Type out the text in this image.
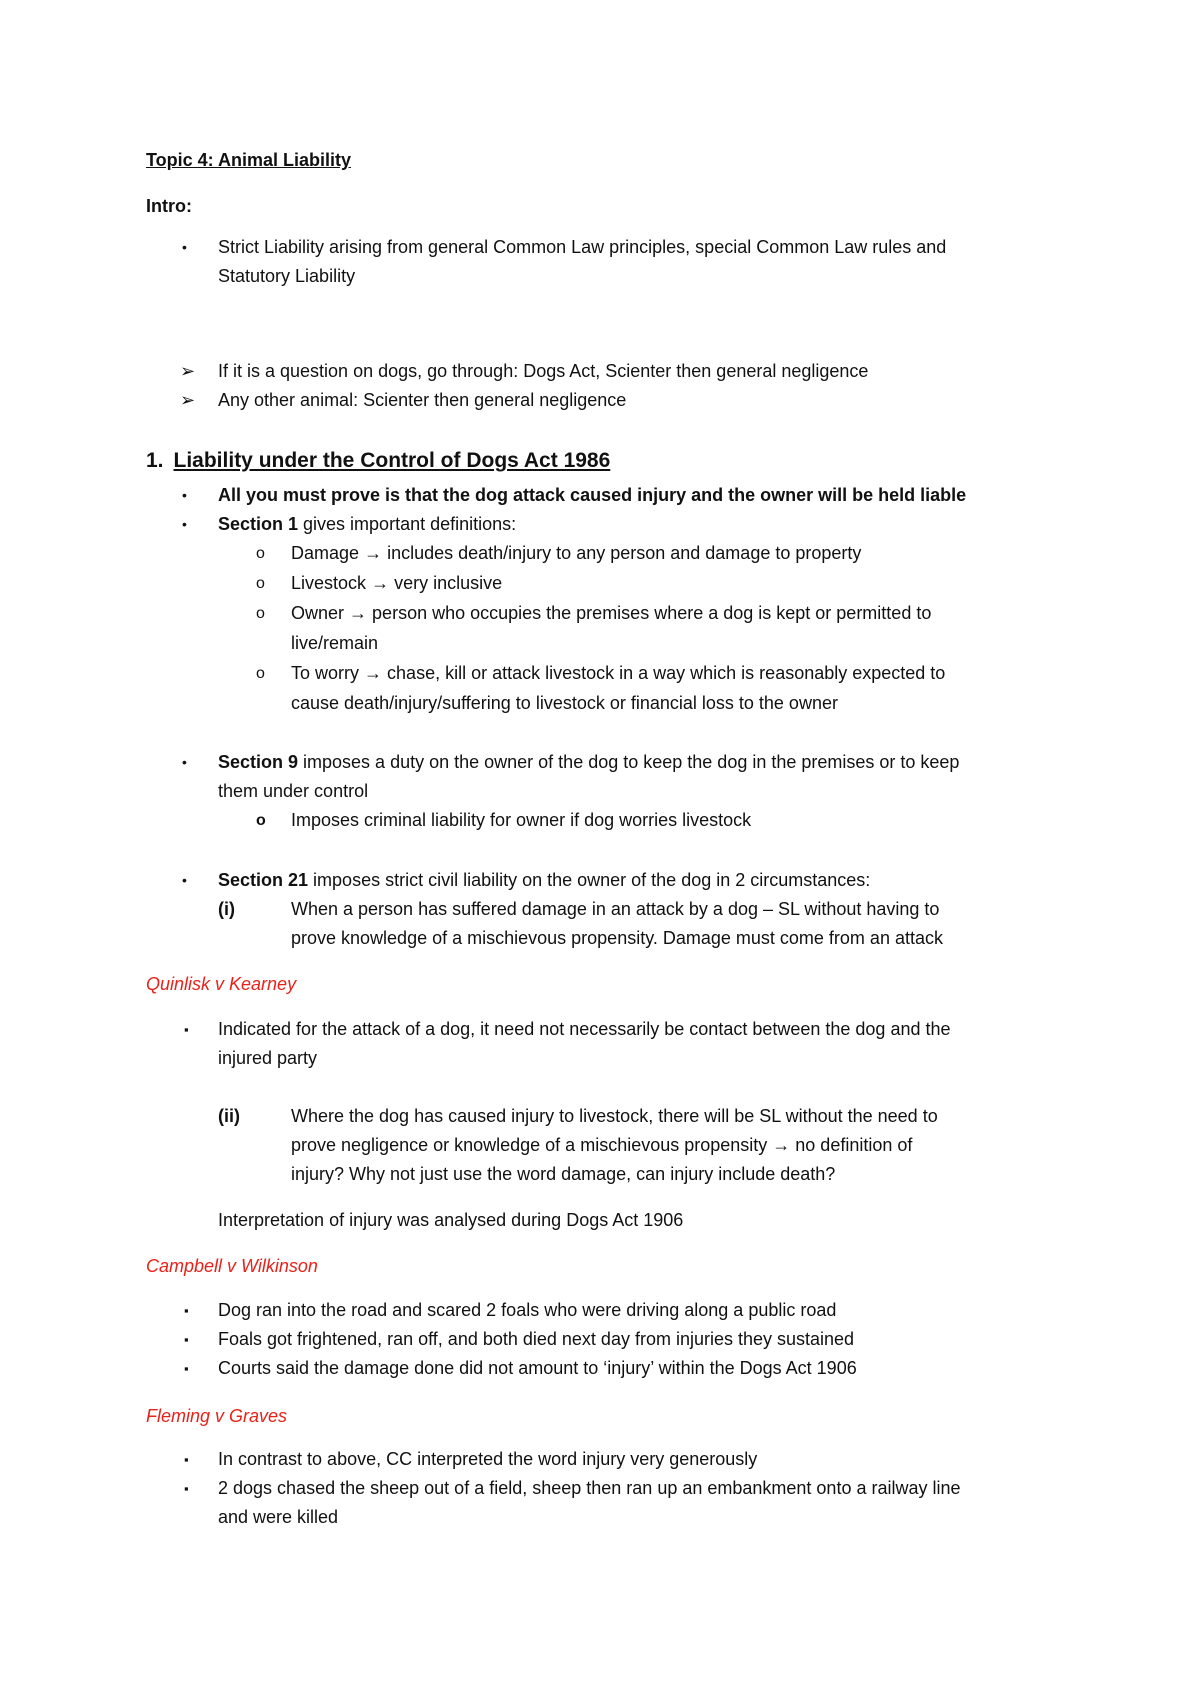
Topic 4: Animal Liability
Intro:
• Strict Liability arising from general Common Law principles, special Common Law rules and
Statutory Liability
➢ If it is a question on dogs, go through: Dogs Act, Scienter then general negligence
➢ Any other animal: Scienter then general negligence
1. Liability under the Control of Dogs Act 1986
• All you must prove is that the dog attack caused injury and the owner will be held liable
• Section 1 gives important definitions:
o Damage → includes death/injury to any person and damage to property
o Livestock → very inclusive
o Owner → person who occupies the premises where a dog is kept or permitted to
live/remain
o To worry → chase, kill or attack livestock in a way which is reasonably expected to
cause death/injury/suffering to livestock or financial loss to the owner
• Section 9 imposes a duty on the owner of the dog to keep the dog in the premises or to keep
them under control
o Imposes criminal liability for owner if dog worries livestock
• Section 21 imposes strict civil liability on the owner of the dog in 2 circumstances:
(i)	When a person has suffered damage in an attack by a dog – SL without having to
prove knowledge of a mischievous propensity. Damage must come from an attack
Quinlisk v Kearney
▪ Indicated for the attack of a dog, it need not necessarily be contact between the dog and the
injured party
(ii)	Where the dog has caused injury to livestock, there will be SL without the need to
prove negligence or knowledge of a mischievous propensity → no definition of
injury? Why not just use the word damage, can injury include death?
Interpretation of injury was analysed during Dogs Act 1906
Campbell v Wilkinson
▪ Dog ran into the road and scared 2 foals who were driving along a public road
▪ Foals got frightened, ran off, and both died next day from injuries they sustained
▪ Courts said the damage done did not amount to ‘injury’ within the Dogs Act 1906
Fleming v Graves
▪ In contrast to above, CC interpreted the word injury very generously
▪ 2 dogs chased the sheep out of a field, sheep then ran up an embankment onto a railway line
and were killed
